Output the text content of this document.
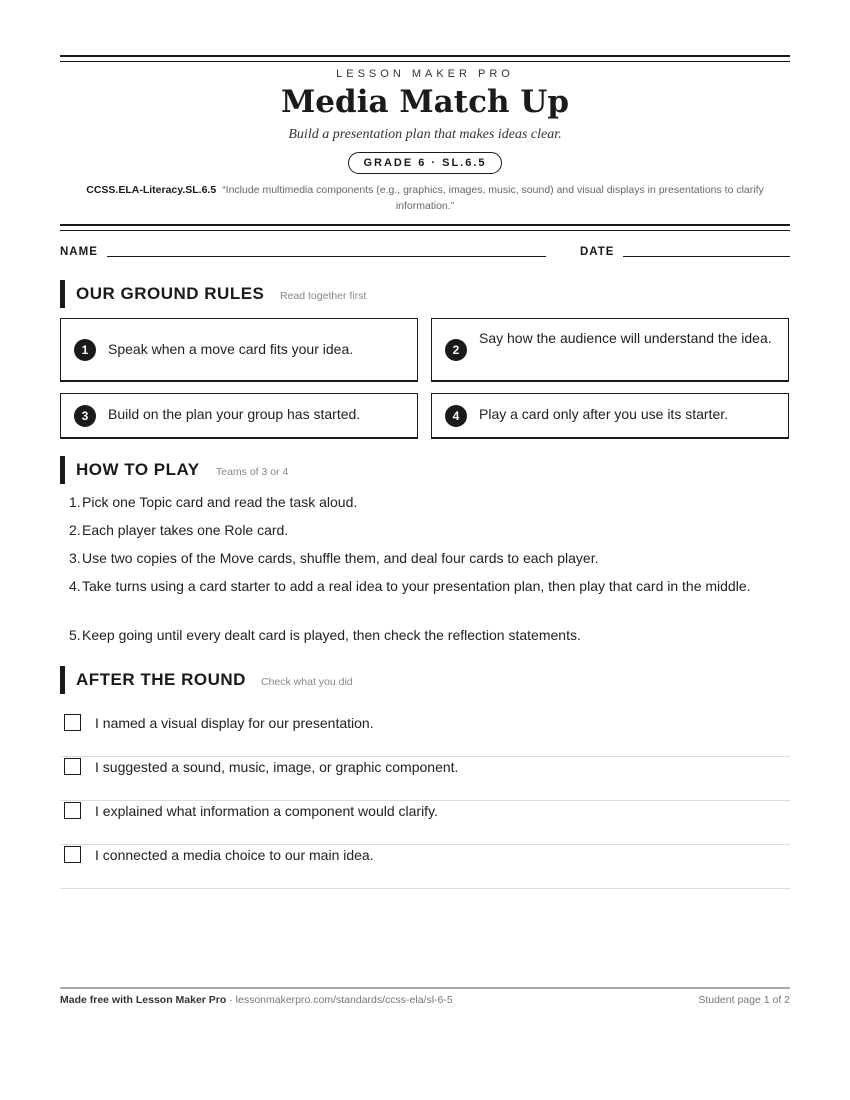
LESSON MAKER PRO
Media Match Up
Build a presentation plan that makes ideas clear.
GRADE 6 · SL.6.5
CCSS.ELA-Literacy.SL.6.5 “Include multimedia components (e.g., graphics, images, music, sound) and visual displays in presentations to clarify information.”
NAME	DATE
OUR GROUND RULES Read together first
1	Speak when a move card fits your idea.	2
Say how the audience will understand the idea.
3	Build on the plan your group has started.	4	Play a card only after you use its starter.
HOW TO PLAY Teams of 3 or 4
1. Pick one Topic card and read the task aloud.
2. Each player takes one Role card.
3. Use two copies of the Move cards, shuffle them, and deal four cards to each player.
4. Take turns using a card starter to add a real idea to your presentation plan, then play that card in the middle.
5. Keep going until every dealt card is played, then check the reflection statements.
AFTER THE ROUND Check what you did
I named a visual display for our presentation.
I suggested a sound, music, image, or graphic component.
I explained what information a component would clarify.
I connected a media choice to our main idea.
Made free with Lesson Maker Pro · lessonmakerpro.com/standards/ccss-ela/sl-6-5	Student page 1 of 2
